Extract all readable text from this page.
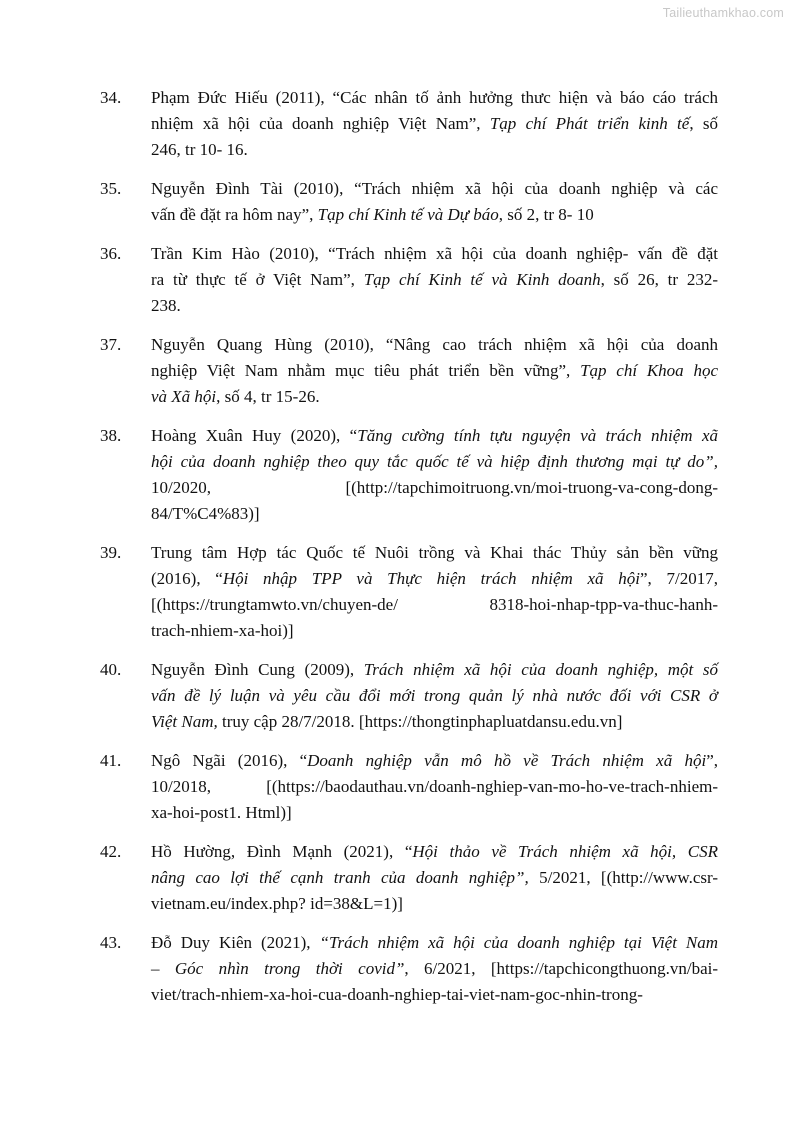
Tailieuthamkhao.com
34. Phạm Đức Hiếu (2011), “Các nhân tố ảnh hưởng thưc hiện và báo cáo trách
nhiệm xã hội của doanh nghiệp Việt Nam”, Tạp chí Phát triển kinh tế, số
246, tr 10- 16.
35. Nguyễn Đình Tài (2010), “Trách nhiệm xã hội của doanh nghiệp và các
vấn đề đặt ra hôm nay”, Tạp chí Kinh tế và Dự báo, số 2, tr 8- 10
36. Trần Kim Hào (2010), “Trách nhiệm xã hội của doanh nghiệp- vấn đề đặt
ra từ thực tế ở Việt Nam”, Tạp chí Kinh tế và Kinh doanh, số 26, tr 232-
238.
37. Nguyễn Quang Hùng (2010), “Nâng cao trách nhiệm xã hội của doanh
nghiệp Việt Nam nhằm mục tiêu phát triển bền vững”, Tạp chí Khoa học
và Xã hội, số 4, tr 15-26.
38. Hoàng Xuân Huy (2020), “Tăng cường tính tựu nguyện và trách nhiệm xã
hội của doanh nghiệp theo quy tắc quốc tế và hiệp định thương mại tự do”,
10/2020, [(http://tapchimoitruong.vn/moi-truong-va-cong-dong-
84/T%C4%83)]
39. Trung tâm Hợp tác Quốc tế Nuôi trồng và Khai thác Thủy sản bền vững
(2016), “Hội nhập TPP và Thực hiện trách nhiệm xã hội”, 7/2017,
[(https://trungtamwto.vn/chuyen-de/ 8318-hoi-nhap-tpp-va-thuc-hanh-
trach-nhiem-xa-hoi)]
40. Nguyễn Đình Cung (2009), Trách nhiệm xã hội của doanh nghiệp, một số
vấn đề lý luận và yêu cầu đổi mới trong quản lý nhà nước đối với CSR ở
Việt Nam, truy cập 28/7/2018. [https://thongtinphapluatdansu.edu.vn]
41. Ngô Ngãi (2016), “Doanh nghiệp vẫn mô hồ về Trách nhiệm xã hội”,
10/2018, [(https://baodauthau.vn/doanh-nghiep-van-mo-ho-ve-trach-nhiem-
xa-hoi-post1. Html)]
42. Hồ Hường, Đình Mạnh (2021), “Hội thảo về Trách nhiệm xã hội, CSR
nâng cao lợi thế cạnh tranh của doanh nghiệp”, 5/2021, [(http://www.csr-
vietnam.eu/index.php? id=38&L=1)]
43. Đỗ Duy Kiên (2021), “Trách nhiệm xã hội của doanh nghiệp tại Việt Nam
– Góc nhìn trong thời covid”, 6/2021, [https://tapchicongthuong.vn/bai-
viet/trach-nhiem-xa-hoi-cua-doanh-nghiep-tai-viet-nam-goc-nhin-trong-
